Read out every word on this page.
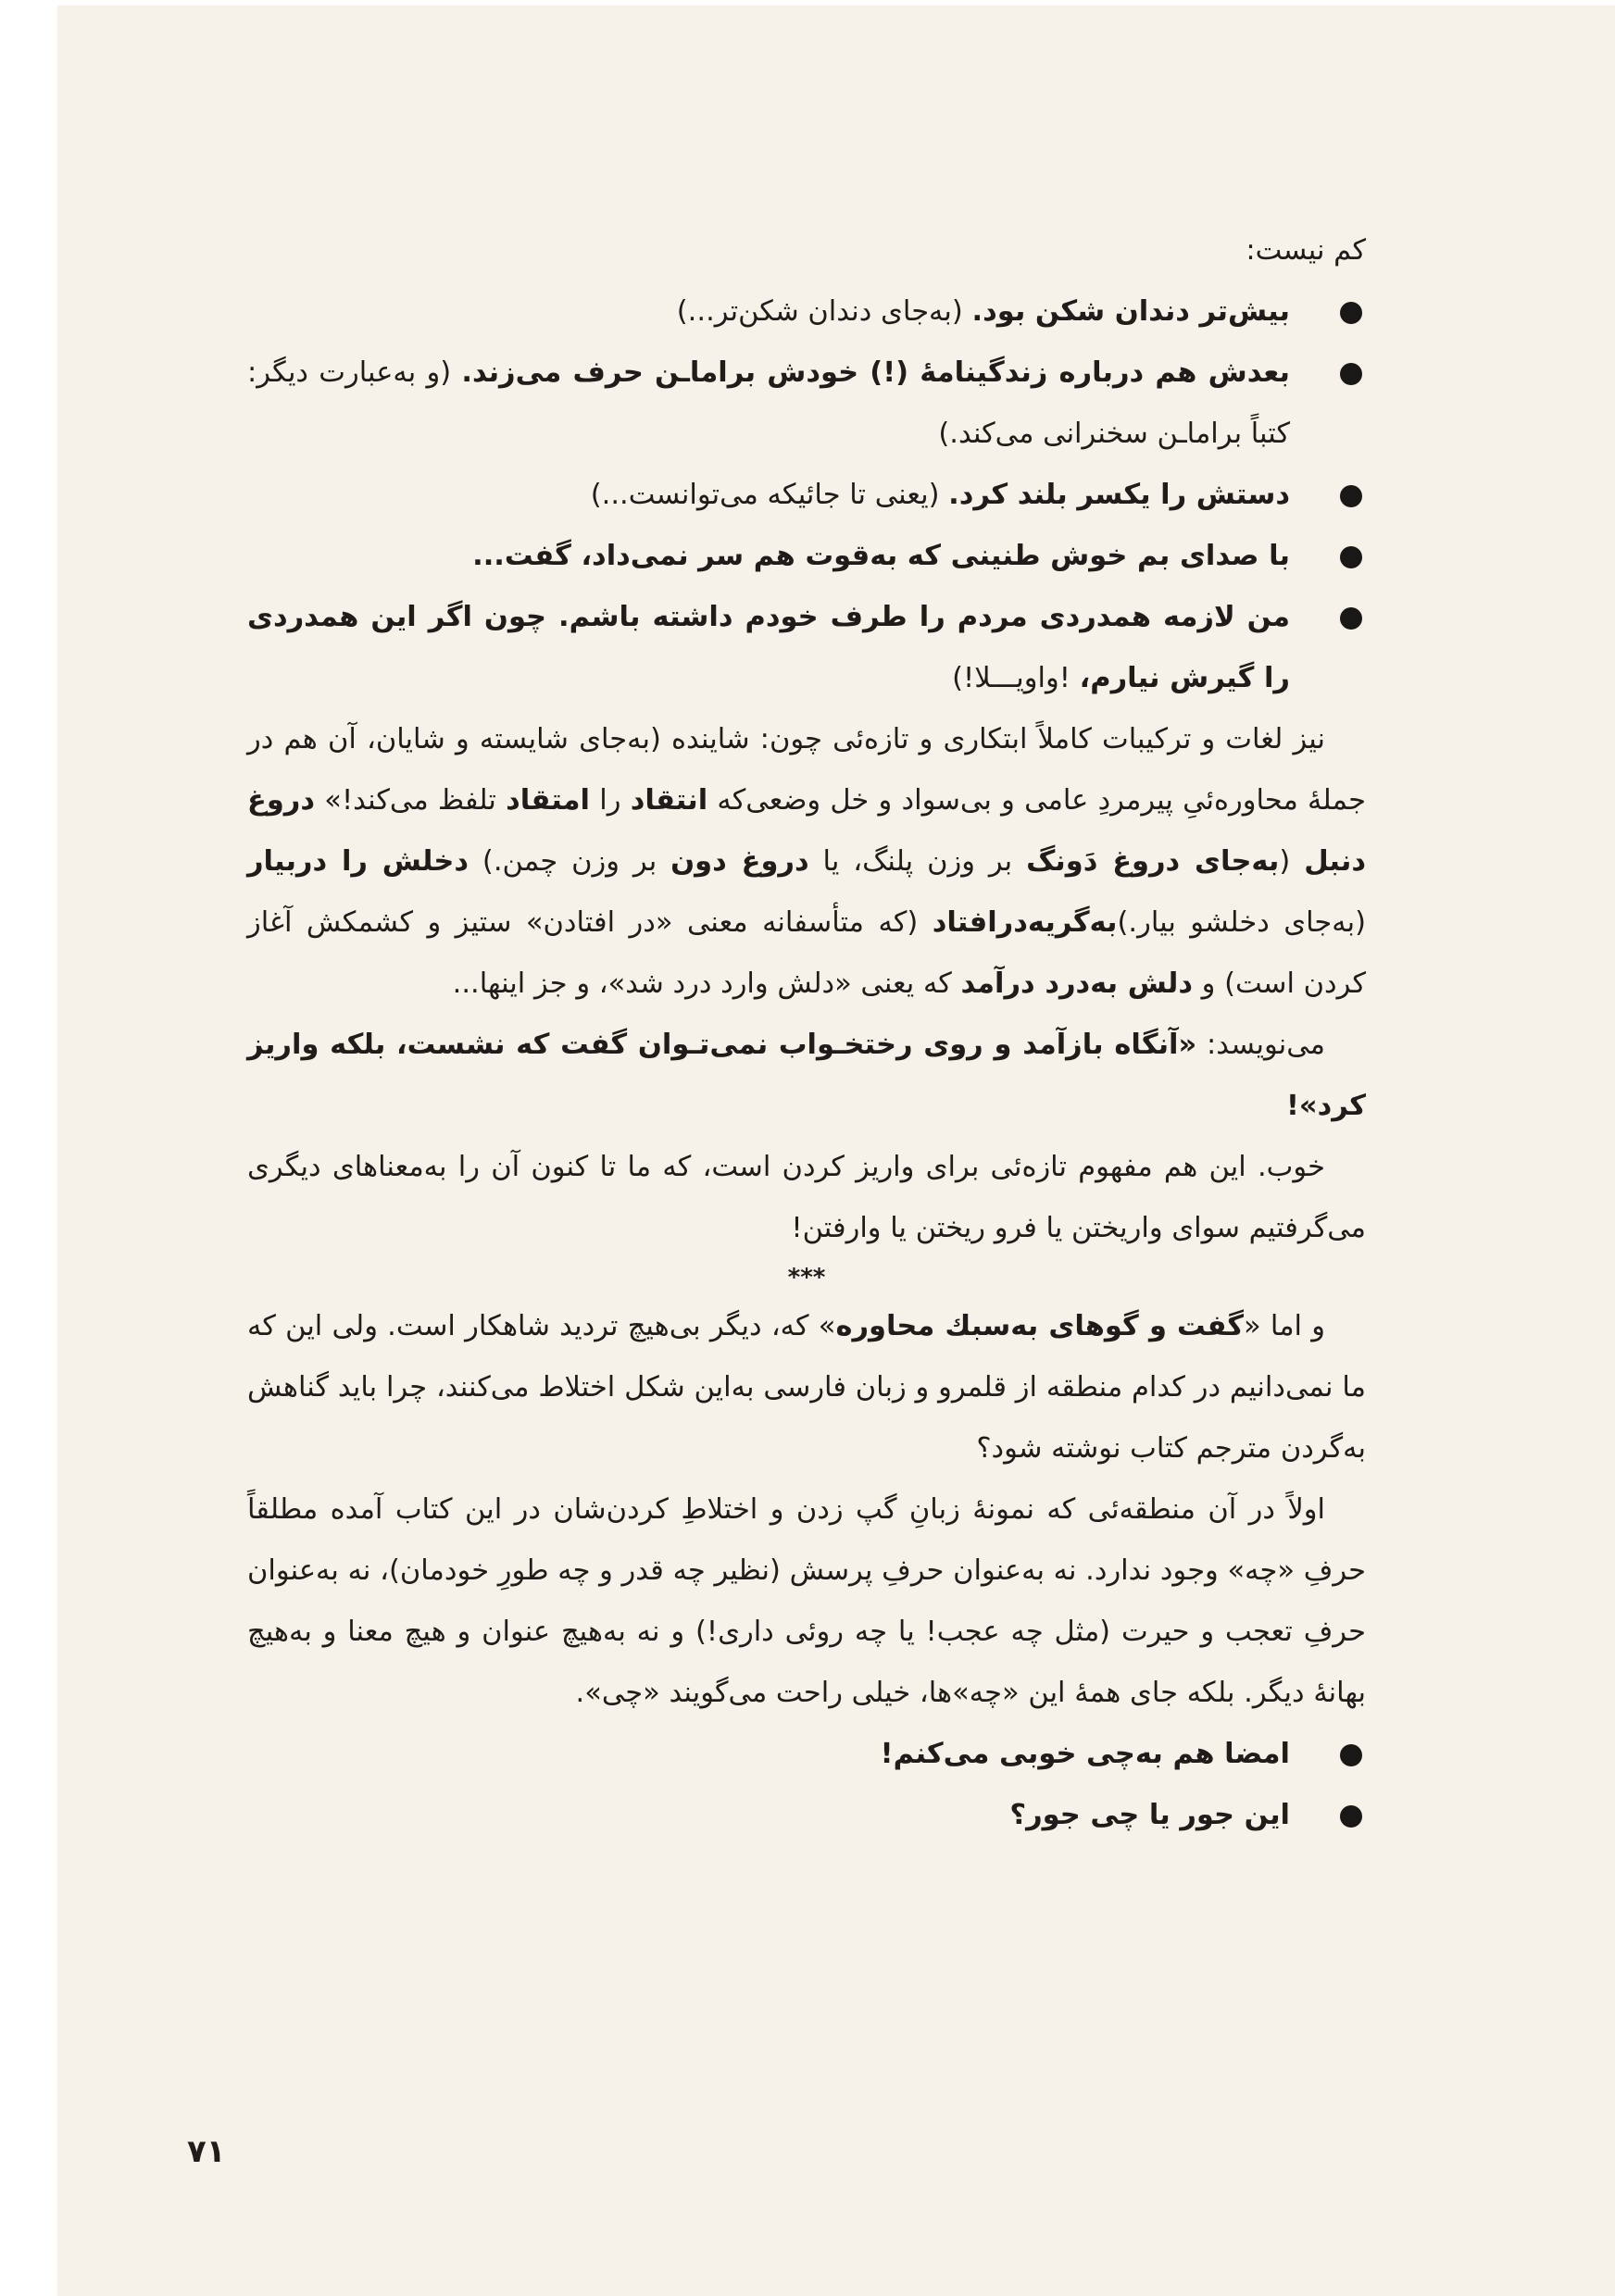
کم نیست:

بیش‌تر دندان شکن بود. (به‌جای دندان شکن‌تر...)

بعدش هم درباره زندگینامهٔ (!) خودش براماـن حرف می‌زند. (و به‌عبارت دیگر: کتباً براماـن سخنرانی می‌کند.)

دستش را یکسر بلند کرد. (یعنی تا جائیکه می‌توانست...)

با صدای بم خوش طنینی که به‌قوت هم سر نمی‌داد، گفت...

من لازمه همدردی مردم را طرف خودم داشته باشم. چون اگر این همدردی را گیرش نیارم، !واویـــلا!)

نیز لغات و ترکیبات کاملاً ابتکاری و تازه‌ئی چون: شاینده (به‌جای شایسته و شایان، آن هم در جملهٔ محاوره‌ئیِ پیرمردِ عامی و بی‌سواد و خل وضعی‌که انتقاد را امتقاد تلفظ می‌کند!» دروغ دنبل (به‌جای دروغ دَونگ بر وزن پلنگ، یا دروغ دون بر وزن چمن.) دخلش را دربیار (به‌جای دخلشو بیار.)به‌گریه‌درافتاد (که متأسفانه معنی «در افتادن» ستیز و کشمکش آغاز کردن است) و دلش به‌درد درآمد که یعنی «دلش وارد درد شد»، و جز اینها...

می‌نویسد: «آنگاه بازآمد و روی رختخـواب نمی‌تـوان گفت که نشست، بلکه واریز کرد»!

خوب. این هم مفهوم تازه‌ئی برای واریز کردن است، که ما تا کنون آن را به‌معناهای دیگری می‌گرفتیم سوای واریختن یا فرو ریختن یا وارفتن!

***

و اما «گفت و گوهای به‌سبك محاوره» که، دیگر بی‌هیچ تردید شاهکار است. ولی این که ما نمی‌دانیم در کدام منطقه از قلمرو و زبان فارسی به‌این شکل اختلاط می‌کنند، چرا باید گناهش به‌گردن مترجم کتاب نوشته شود؟

اولاً در آن منطقه‌ئی که نمونهٔ زبانِ گپ زدن و اختلاطِ کردن‌شان در این کتاب آمده مطلقاً حرفِ «چه» وجود ندارد. نه به‌عنوان حرفِ پرسش (نظیر چه قدر و چه طورِ خودمان)، نه به‌عنوان حرفِ تعجب و حیرت (مثل چه عجب! یا چه روئی داری!) و نه به‌هیچ عنوان و هیچ معنا و به‌هیچ بهانهٔ دیگر. بلکه جای همهٔ این «چه»ها، خیلی راحت می‌گویند «چی».

امضا هم به‌چی خوبی می‌کنم!

این جور یا چی جور؟

۷۱
